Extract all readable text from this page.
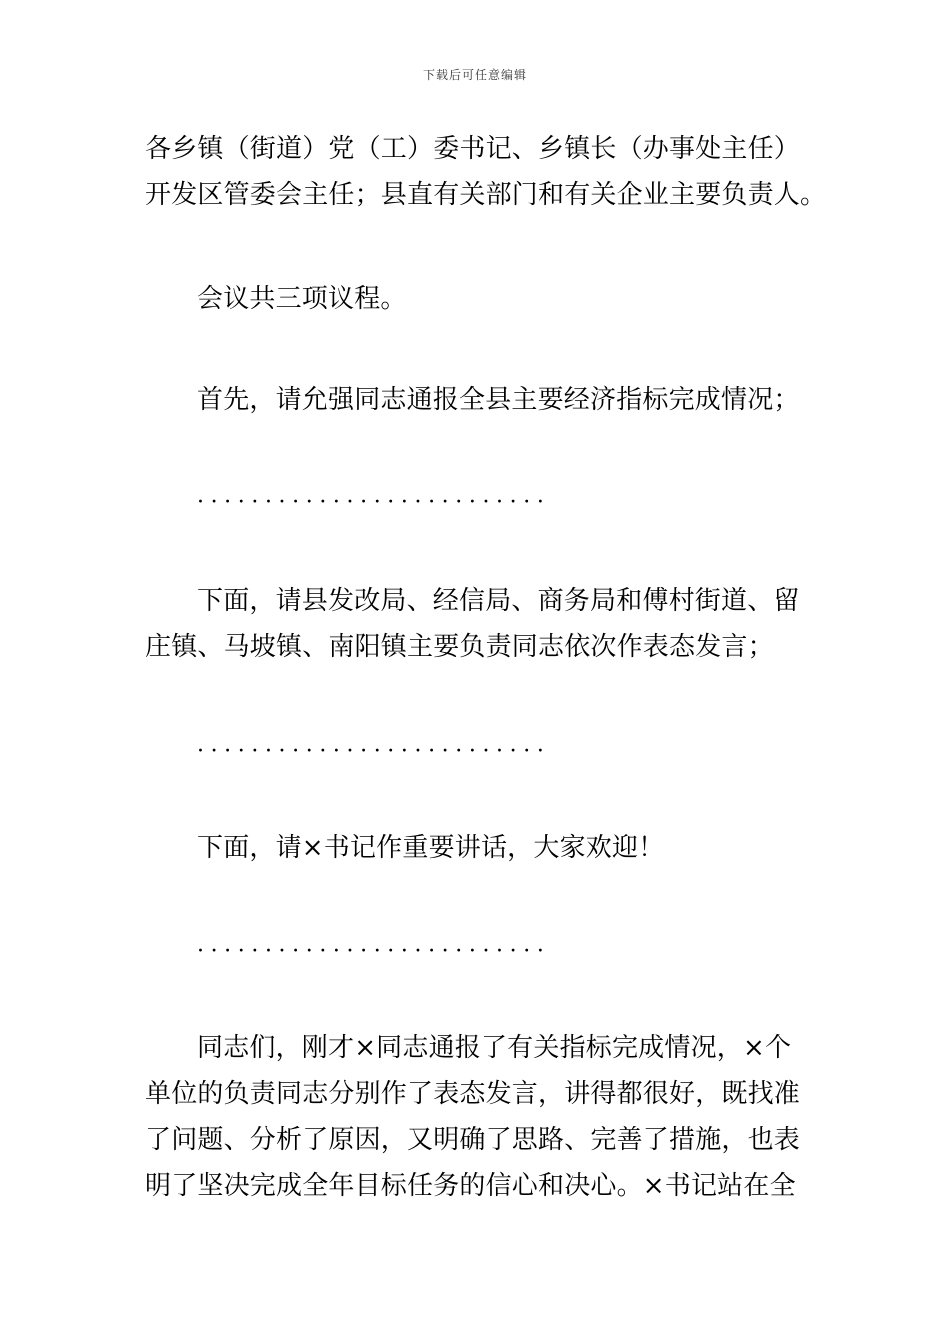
下载后可任意编辑
各乡镇（街道）党（工）委书记、乡镇长（办事处主任）
开发区管委会主任；县直有关部门和有关企业主要负责人。
会议共三项议程。
首先，请允强同志通报全县主要经济指标完成情况；
··························
下面，请县发改局、经信局、商务局和傅村街道、留
庄镇、马坡镇、南阳镇主要负责同志依次作表态发言；
··························
下面，请×书记作重要讲话，大家欢迎！
··························
同志们，刚才×同志通报了有关指标完成情况，×个
单位的负责同志分别作了表态发言，讲得都很好，既找准
了问题、分析了原因，又明确了思路、完善了措施，也表
明了坚决完成全年目标任务的信心和决心。×书记站在全
